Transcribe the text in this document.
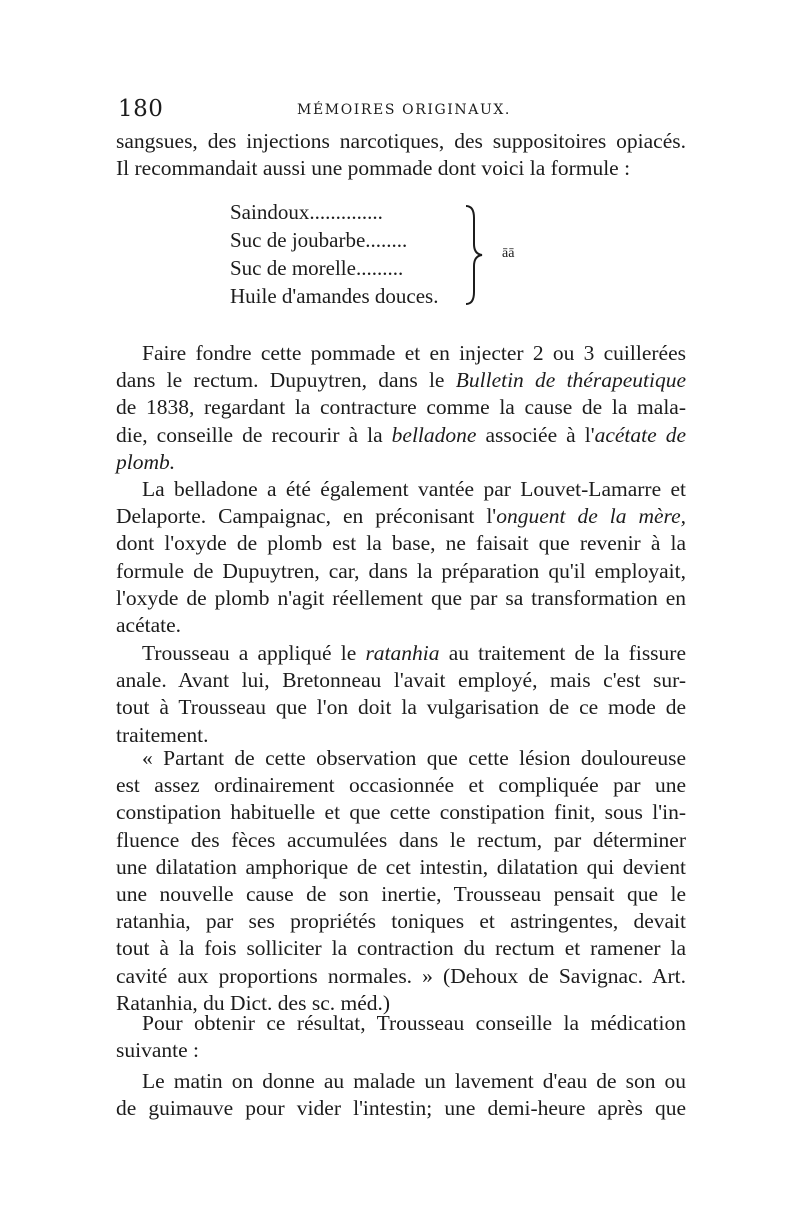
180	MÉMOIRES ORIGINAUX.
sangsues, des injections narcotiques, des suppositoires opiacés.
Il recommandait aussi une pommade dont voici la formule :
Saindoux..............
Suc de joubarbe........
Suc de morelle.........
Huile d'amandes douces.
āā
Faire fondre cette pommade et en injecter 2 ou 3 cuillerées
dans le rectum. Dupuytren, dans le Bulletin de thérapeutique
de 1838, regardant la contracture comme la cause de la mala-
die, conseille de recourir à la belladone associée à l'acétate de
plomb.
La belladone a été également vantée par Louvet-Lamarre et
Delaporte. Campaignac, en préconisant l'onguent de la mère,
dont l'oxyde de plomb est la base, ne faisait que revenir à la
formule de Dupuytren, car, dans la préparation qu'il employait,
l'oxyde de plomb n'agit réellement que par sa transformation en
acétate.
Trousseau a appliqué le ratanhia au traitement de la fissure
anale. Avant lui, Bretonneau l'avait employé, mais c'est sur-
tout à Trousseau que l'on doit la vulgarisation de ce mode de
traitement.
« Partant de cette observation que cette lésion douloureuse
est assez ordinairement occasionnée et compliquée par une
constipation habituelle et que cette constipation finit, sous l'in-
fluence des fèces accumulées dans le rectum, par déterminer
une dilatation amphorique de cet intestin, dilatation qui devient
une nouvelle cause de son inertie, Trousseau pensait que le
ratanhia, par ses propriétés toniques et astringentes, devait
tout à la fois solliciter la contraction du rectum et ramener la
cavité aux proportions normales. » (Dehoux de Savignac. Art.
Ratanhia, du Dict. des sc. méd.)
Pour obtenir ce résultat, Trousseau conseille la médication
suivante :
Le matin on donne au malade un lavement d'eau de son ou
de guimauve pour vider l'intestin; une demi-heure après que
